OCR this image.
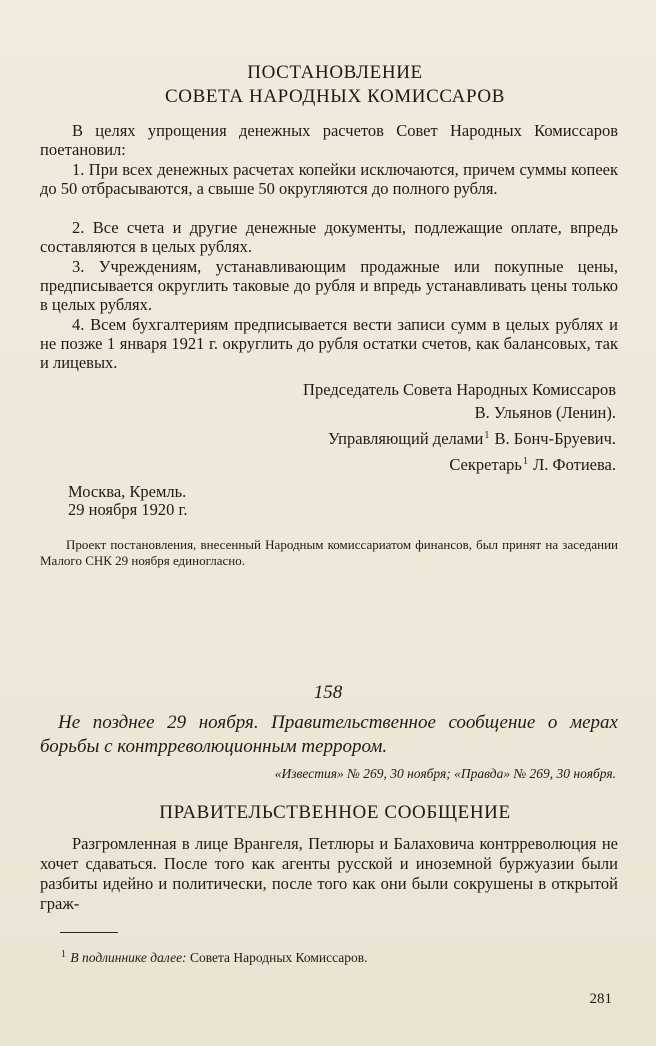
ПОСТАНОВЛЕНИЕ
СОВЕТА НАРОДНЫХ КОМИССАРОВ
В целях упрощения денежных расчетов Совет Народных Комиссаров поетановил:
1. При всех денежных расчетах копейки исключаются, причем суммы копеек до 50 отбрасываются, а свыше 50 округляются до полного рубля.
2. Все счета и другие денежные документы, подлежащие оплате, впредь составляются в целых рублях.
3. Учреждениям, устанавливающим продажные или покупные цены, предписывается округлить таковые до рубля и впредь устанавливать цены только в целых рублях.
4. Всем бухгалтериям предписывается вести записи сумм в целых рублях и не позже 1 января 1921 г. округлить до рубля остатки счетов, как балансовых, так и лицевых.
Председатель Совета Народных Комиссаров
В. Ульянов (Ленин).
Управляющий делами$^1$ В. Бонч-Бруевич.
Секретарь$^1$ Л. Фотиева.
Москва, Кремль.
29 ноября 1920 г.
Проект постановления, внесенный Народным комиссариатом финансов, был принят на заседании Малого СНК 29 ноября единогласно.
158
Не позднее 29 ноября. Правительственное сообщение о мерах борьбы с контрреволюционным террором.
«Известия» № 269, 30 ноября; «Правда» № 269, 30 ноября.
ПРАВИТЕЛЬСТВЕННОЕ СООБЩЕНИЕ
Разгромленная в лице Врангеля, Петлюры и Балаховича контрреволюция не хочет сдаваться. После того как агенты русской и иноземной буржуазии были разбиты идейно и политически, после того как они были сокрушены в открытой граж-
$^1$ В подлиннике далее: Совета Народных Комиссаров.
281
